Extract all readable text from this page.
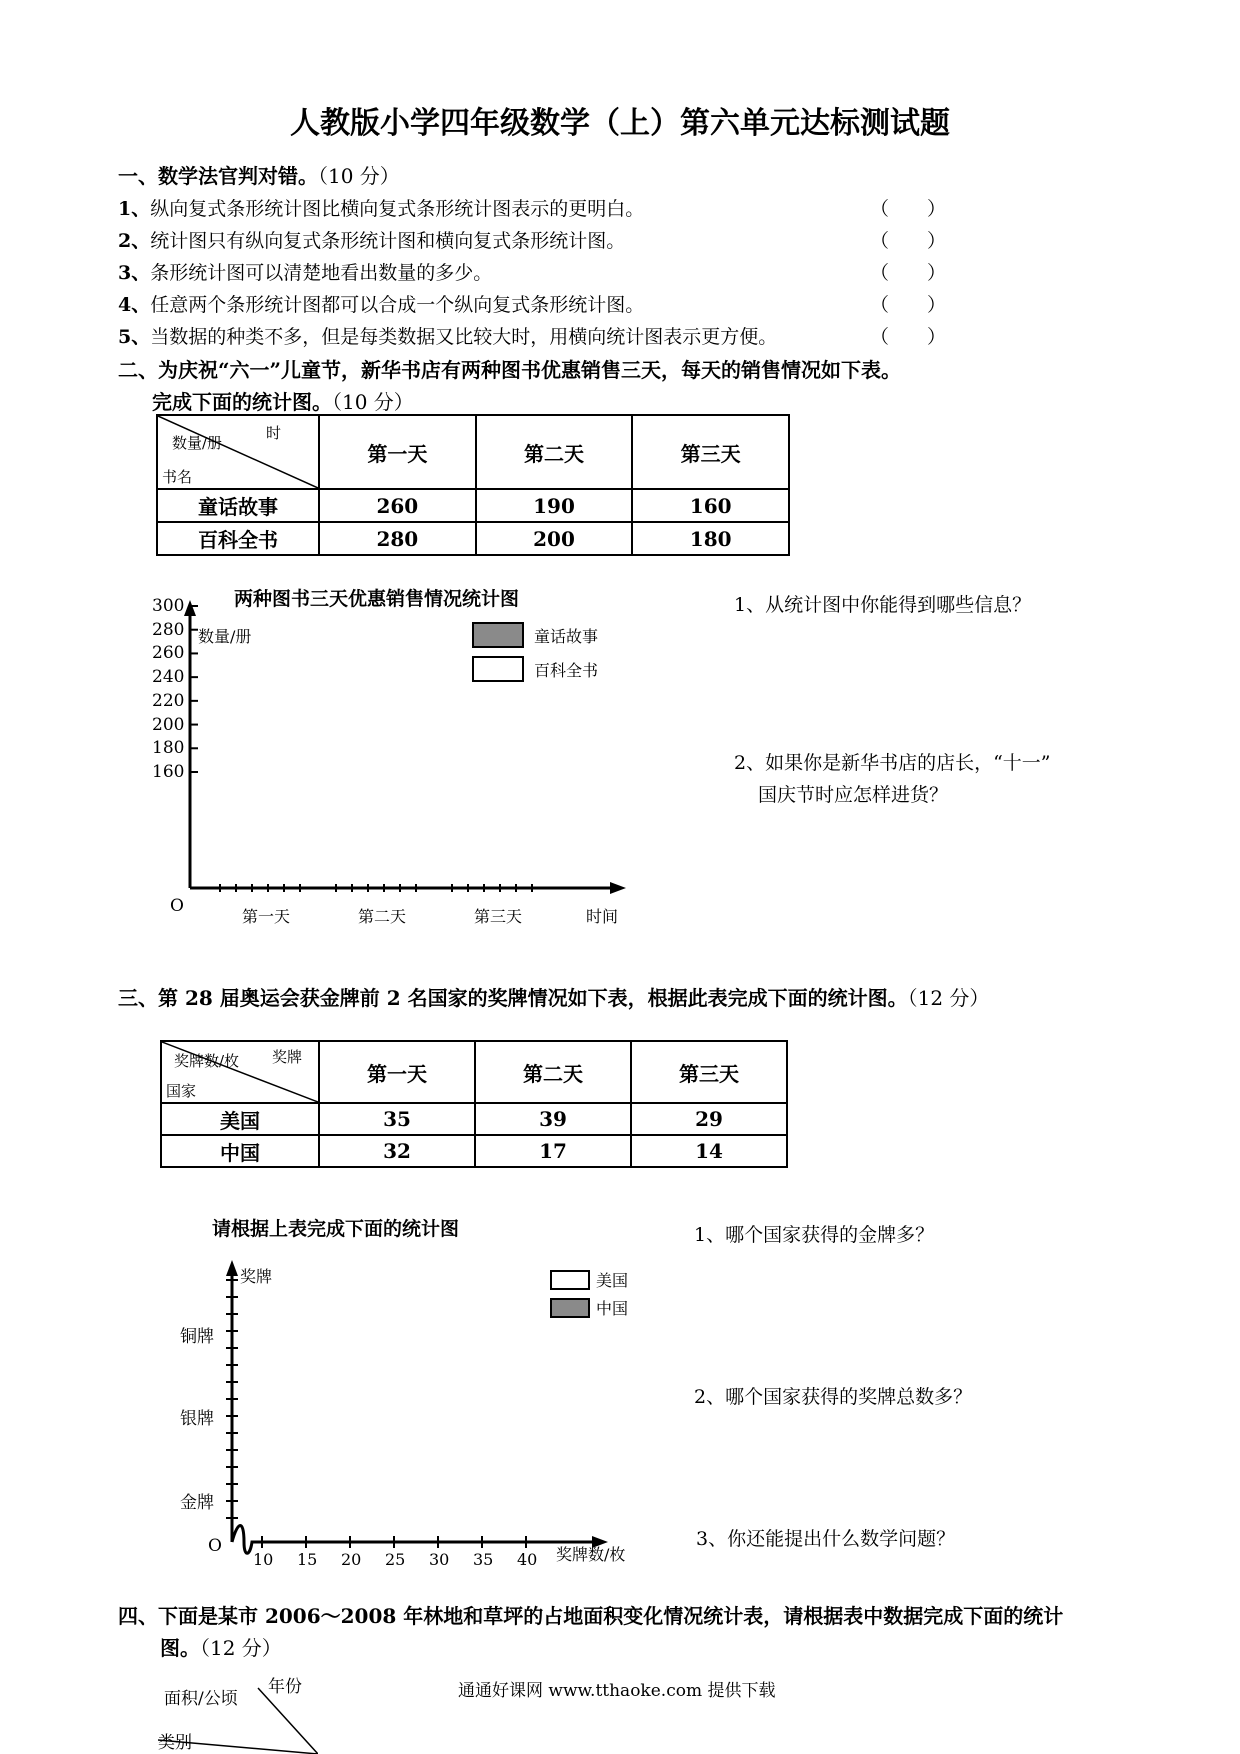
人教版小学四年级数学（上）第六单元达标测试题
一、数学法官判对错。（10 分）
1、纵向复式条形统计图比横向复式条形统计图表示的更明白。	（　　）
2、统计图只有纵向复式条形统计图和横向复式条形统计图。	（　　）
3、条形统计图可以清楚地看出数量的多少。	（　　）
4、任意两个条形统计图都可以合成一个纵向复式条形统计图。	（　　）
5、当数据的种类不多，但是每类数据又比较大时，用横向统计图表示更方便。	（　　）
二、为庆祝“六一”儿童节，新华书店有两种图书优惠销售三天，每天的销售情况如下表。
完成下面的统计图。（10 分）
时
数量/册
书名	第一天	第二天	第三天
童话故事	260	190	160
百科全书	280	200	180
两种图书三天优惠销售情况统计图
数量/册
O
时间
童话故事
百科全书
1、从统计图中你能得到哪些信息？
2、如果你是新华书店的店长，“十一”
国庆节时应怎样进货？
三、第 28 届奥运会获金牌前 2 名国家的奖牌情况如下表，根据此表完成下面的统计图。（12 分）
奖牌
奖牌数/枚
国家	第一天	第二天	第三天
美国	35	39	29
中国	32	17	14
请根据上表完成下面的统计图
奖牌
O	奖牌数/枚
美国
中国
1、哪个国家获得的金牌多？
2、哪个国家获得的奖牌总数多？
3、你还能提出什么数学问题？
四、下面是某市 2006～2008 年林地和草坪的占地面积变化情况统计表，请根据表中数据完成下面的统计
图。（12 分）
年份
面积/公顷
类别
通通好课网 www.tthaoke.com 提供下载
160
180
200
220
240
260
280
300
第一天	第二天	第三天
金牌
银牌
铜牌
10 15 20 25 30 35 40
